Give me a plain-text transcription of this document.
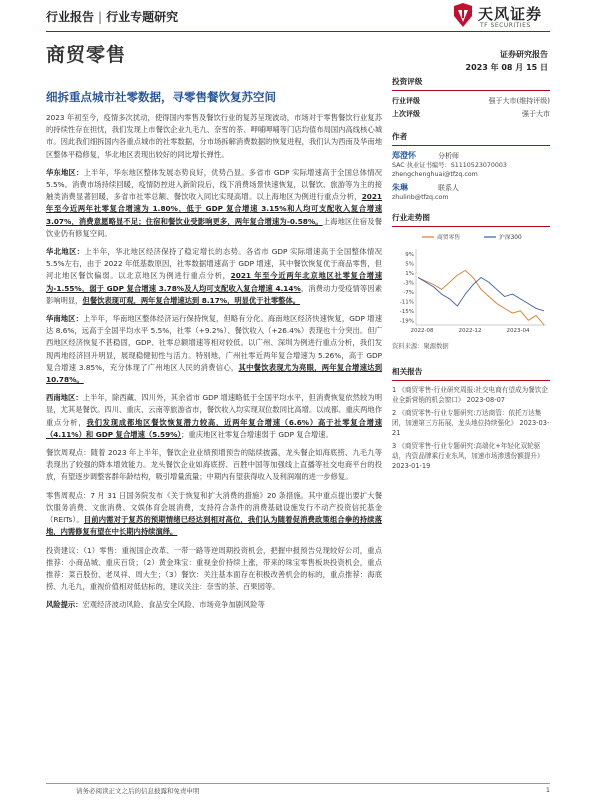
行业报告 | 行业专题研究	天风证券
TF SECURITIES
商贸零售	证券研究报告
2023 年 08 月 15 日
细拆重点城市社零数据，寻零售餐饮复苏空间

2023 年初至今，疫情多次扰动，使得国内零售及餐饮行业的复苏呈现波动，市场对于零售餐饮行业复苏的持续性存在担忧，我们发现上市餐饮企业九毛九、奈雪的茶、呷哺呷哺等门店均值布局国内高线核心城市。因此我们细拆国内各重点城市的社零数据，分市场拆解消费数据的恢复进程，我们认为西南及华南地区整体平稳修复，华北地区表现出较好的同比增长弹性。

华东地区：上半年，华东地区整体发展态势良好，优势凸显。多省市 GDP 实际增速高于全国总体情况 5.5%。消费市场持续回暖，疫情防控进入新阶段后，线下消费场景快速恢复，以餐饮、旅游等为主的接触类消费显著回暖，多省市社零总额、餐饮收入同比实现高增。以上海地区为例进行重点分析，2021 年至今近两年社零复合增速为 1.80%，低于 GDP 复合增速 3.15%和人均可支配收入复合增速 3.07%，消费意愿略显不足；住宿和餐饮业受影响更多，两年复合增速为-0.58%。上海地区住宿及餐饮业仍有修复空间。

华北地区：上半年，华北地区经济保持了稳定增长的态势。各省市 GDP 实际增速高于全国整体情况 5.5%左右，由于 2022 年低基数原因，社零数据增速高于 GDP 增速，其中餐饮恢复优于商品零售，但河北地区餐饮偏弱。以北京地区为例进行重点分析，2021 年至今近两年北京地区社零复合增速为-1.55%，弱于 GDP 复合增速 3.78%及人均可支配收入复合增速 4.14%，消费动力受疫情等因素影响明显，但餐饮表现可观，两年复合增速达到 8.17%，明显优于社零整体。

华南地区：上半年，华南地区整体经济运行保持恢复，但略有分化。海南地区经济快速恢复，GDP 增速达 8.6%，远高于全国平均水平 5.5%，社零（+9.2%）、餐饮收入（+26.4%）表现也十分突出。但广西地区经济恢复不甚稳固，GDP、社零总额增速等相对较低。以广州、深圳为例进行重点分析，我们发现两地经济回升明显，展现稳健韧性与活力。特别地，广州社零近两年复合增速为 5.26%，高于 GDP 复合增速 3.85%，充分体现了广州地区人民的消费信心，其中餐饮表现尤为亮眼，两年复合增速达到 10.78%。

西南地区：上半年，除西藏、四川外，其余省市 GDP 增速略低于全国平均水平，但消费恢复依然较为明显，尤其是餐饮。四川、重庆、云南等旅游省市，餐饮收入均实现双位数同比高增。以成都、重庆两地作重点分析，我们发现成都地区餐饮恢复潜力较高，近两年复合增速（6.6%）高于社零复合增速（4.11%）和 GDP 复合增速（5.59%）；重庆地区社零复合增速弱于 GDP 复合增速。

餐饮周观点：随着 2023 年上半年，餐饮企业业绩预增预告的陆续披露，龙头餐企如海底捞、九毛九等表现出了较强的降本增效能力。龙头餐饮企业如海底捞、百胜中国等加强线上直播等社交电商平台的投放，有望逐步调整客群年龄结构，吸引增量流量；中期内有望获得收入及利润端的进一步修复。

零售周观点：7 月 31 日国务院发布《关于恢复和扩大消费的措施》20 条措施。其中重点提出要扩大餐饮服务消费、文旅消费、文娱体育会展消费，支持符合条件的消费基础设施发行不动产投资信托基金（REITs）。目前内需对于复苏的预期情绪已经达到相对高位，我们认为随着促消费政策组合拳的持续落地，内需修复有望在中长期内持续演绎。

投资建议：（1）零售：重视国企改革、一带一路等逆周期投资机会，把握中报预告兑现较好公司，重点推荐：小商品城、重庆百货；（2）黄金珠宝：重视金价持续上涨，带来的珠宝零售板块投资机会，重点推荐：菜百股份、老凤祥、周大生；（3）餐饮：关注基本面存在积极改善机会的标的，重点推荐：海底捞、九毛九，重视价值相对低估标的，建议关注：奈雪的茶、百果园等。

风险提示：宏观经济波动风险、食品安全风险、市场竞争加剧风险等

投资评级
行业评级	强于大市(维持评级)
上次评级	强于大市
作者
郑澄怀	分析师
SAC 执业证书编号：S1110523070003
zhengchenghuai@tfzq.com
朱琳	联系人
zhulinb@tfzq.com
行业走势图
商贸零售	沪深300
9%
5%
1%
-3%
-7%
-11%
-15%
-19%
2022-08	2022-12	2023-04
资料来源：聚源数据
相关报告
1 《商贸零售-行业研究周报:社交电商有望成为餐饮企业全新营销的机会窗口》 2023-08-07
2 《商贸零售-行业专题研究:万达商管：依托万达集团，加速第三方拓展，龙头地位持续强化》 2023-03-21
3 《商贸零售-行业专题研究:高端化+年轻化双轮驱动，内资品牌乘行业东风，加速市场渗透份额提升》 2023-01-19
请务必阅读正文之后的信息披露和免责申明	1
